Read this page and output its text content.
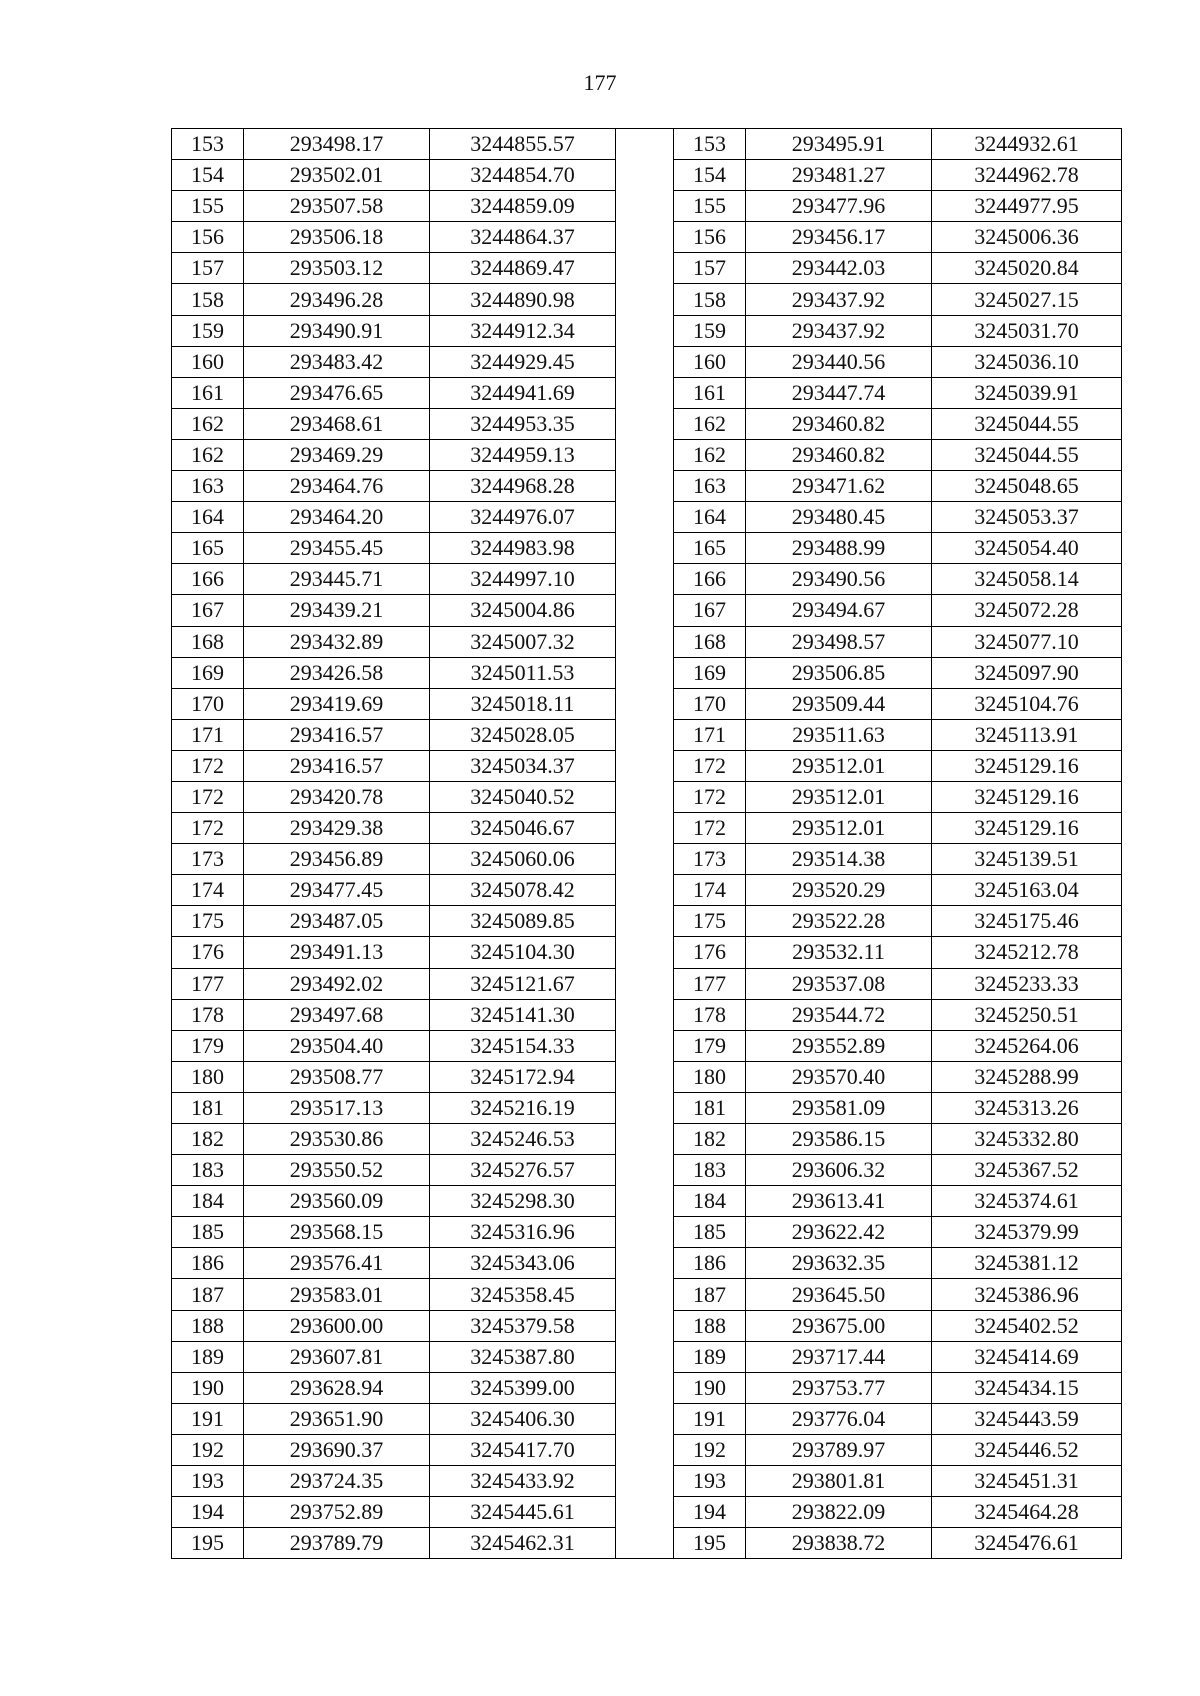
177
153	293498.17	3244855.57		153	293495.91	3244932.61
154	293502.01	3244854.70		154	293481.27	3244962.78
155	293507.58	3244859.09		155	293477.96	3244977.95
156	293506.18	3244864.37		156	293456.17	3245006.36
157	293503.12	3244869.47		157	293442.03	3245020.84
158	293496.28	3244890.98		158	293437.92	3245027.15
159	293490.91	3244912.34		159	293437.92	3245031.70
160	293483.42	3244929.45		160	293440.56	3245036.10
161	293476.65	3244941.69		161	293447.74	3245039.91
162	293468.61	3244953.35		162	293460.82	3245044.55
162	293469.29	3244959.13		162	293460.82	3245044.55
163	293464.76	3244968.28		163	293471.62	3245048.65
164	293464.20	3244976.07		164	293480.45	3245053.37
165	293455.45	3244983.98		165	293488.99	3245054.40
166	293445.71	3244997.10		166	293490.56	3245058.14
167	293439.21	3245004.86		167	293494.67	3245072.28
168	293432.89	3245007.32		168	293498.57	3245077.10
169	293426.58	3245011.53		169	293506.85	3245097.90
170	293419.69	3245018.11		170	293509.44	3245104.76
171	293416.57	3245028.05		171	293511.63	3245113.91
172	293416.57	3245034.37		172	293512.01	3245129.16
172	293420.78	3245040.52		172	293512.01	3245129.16
172	293429.38	3245046.67		172	293512.01	3245129.16
173	293456.89	3245060.06		173	293514.38	3245139.51
174	293477.45	3245078.42		174	293520.29	3245163.04
175	293487.05	3245089.85		175	293522.28	3245175.46
176	293491.13	3245104.30		176	293532.11	3245212.78
177	293492.02	3245121.67		177	293537.08	3245233.33
178	293497.68	3245141.30		178	293544.72	3245250.51
179	293504.40	3245154.33		179	293552.89	3245264.06
180	293508.77	3245172.94		180	293570.40	3245288.99
181	293517.13	3245216.19		181	293581.09	3245313.26
182	293530.86	3245246.53		182	293586.15	3245332.80
183	293550.52	3245276.57		183	293606.32	3245367.52
184	293560.09	3245298.30		184	293613.41	3245374.61
185	293568.15	3245316.96		185	293622.42	3245379.99
186	293576.41	3245343.06		186	293632.35	3245381.12
187	293583.01	3245358.45		187	293645.50	3245386.96
188	293600.00	3245379.58		188	293675.00	3245402.52
189	293607.81	3245387.80		189	293717.44	3245414.69
190	293628.94	3245399.00		190	293753.77	3245434.15
191	293651.90	3245406.30		191	293776.04	3245443.59
192	293690.37	3245417.70		192	293789.97	3245446.52
193	293724.35	3245433.92		193	293801.81	3245451.31
194	293752.89	3245445.61		194	293822.09	3245464.28
195	293789.79	3245462.31		195	293838.72	3245476.61
